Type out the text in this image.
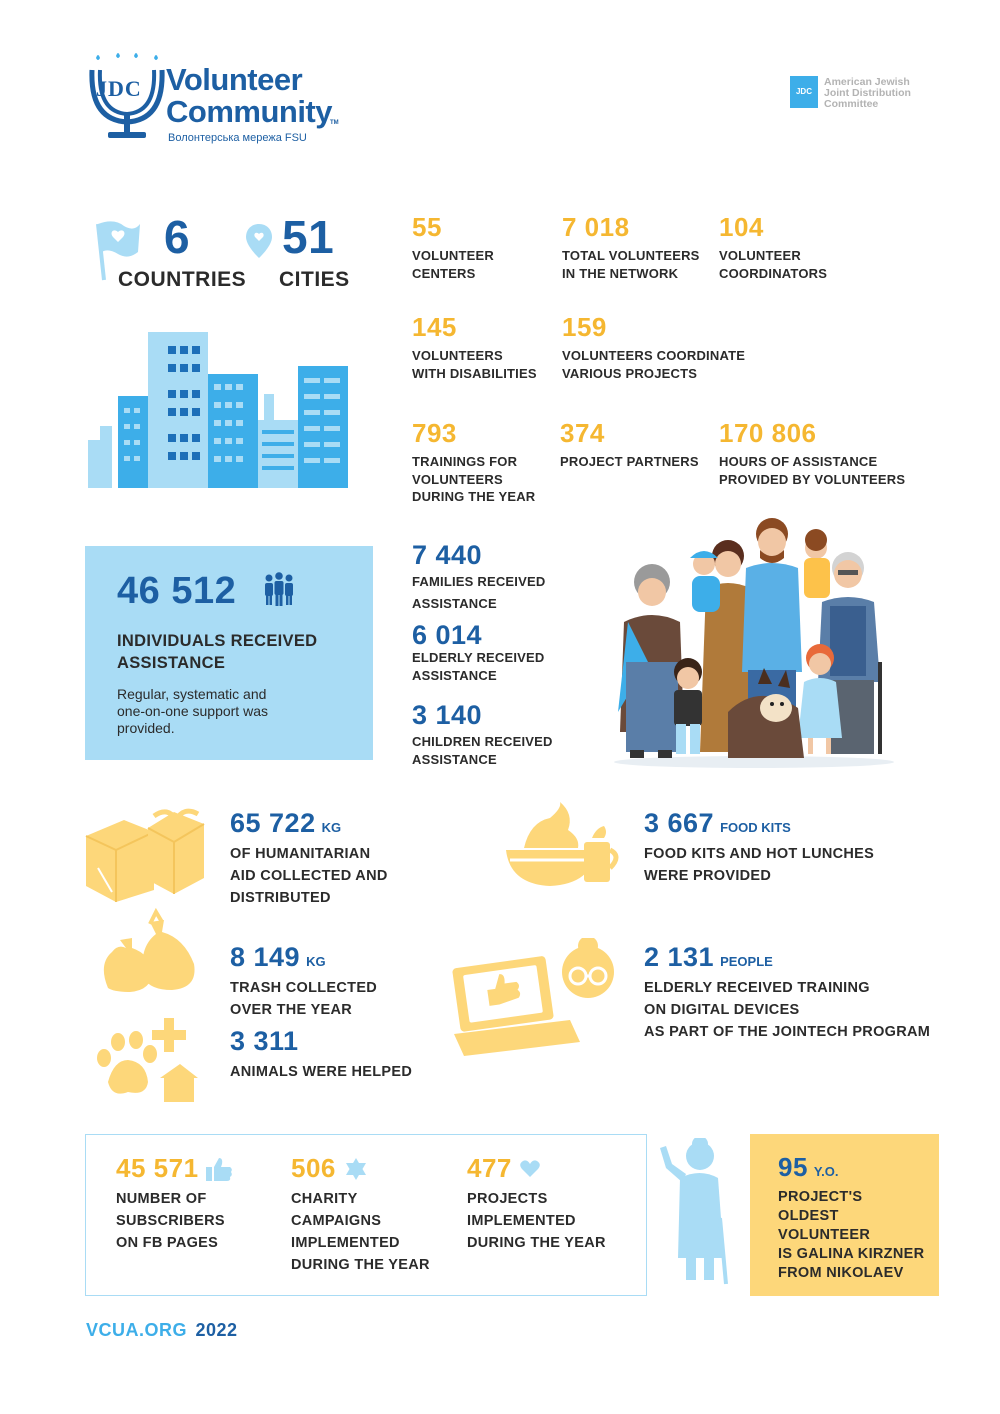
JDC Volunteer
Community
TM
Волонтерська мережа FSU
JDC
American Jewish
Joint Distribution
Committee
6
COUNTRIES
51
CITIES
55
VOLUNTEER
CENTERS
7 018
TOTAL VOLUNTEERS
IN THE NETWORK
104
VOLUNTEER
COORDINATORS
145
VOLUNTEERS
WITH DISABILITIES
159
VOLUNTEERS COORDINATE
VARIOUS PROJECTS
793
TRAININGS FOR
VOLUNTEERS
DURING THE YEAR
374
PROJECT PARTNERS
170 806
HOURS OF ASSISTANCE
PROVIDED BY VOLUNTEERS
46 512
INDIVIDUALS RECEIVED
ASSISTANCE
Regular, systematic and
one-on-one support was
provided.
7 440
FAMILIES RECEIVED
ASSISTANCE
6 014
ELDERLY RECEIVED
ASSISTANCE
3 140
CHILDREN RECEIVED
ASSISTANCE
65 722 KG
OF HUMANITARIAN
AID COLLECTED AND
DISTRIBUTED
3 667 FOOD KITS
FOOD KITS AND HOT LUNCHES
WERE PROVIDED
8 149 KG
TRASH COLLECTED
OVER THE YEAR
2 131 PEOPLE
ELDERLY RECEIVED TRAINING
ON DIGITAL DEVICES
AS PART OF THE JOINTECH PROGRAM
3 311
ANIMALS WERE HELPED
45 571
NUMBER OF
SUBSCRIBERS
ON FB PAGES
506
CHARITY
CAMPAIGNS
IMPLEMENTED
DURING THE YEAR
477
PROJECTS
IMPLEMENTED
DURING THE YEAR
95 Y.O.
PROJECT'S
OLDEST
VOLUNTEER
IS GALINA KIRZNER
FROM NIKOLAEV
VCUA.ORG 2022
